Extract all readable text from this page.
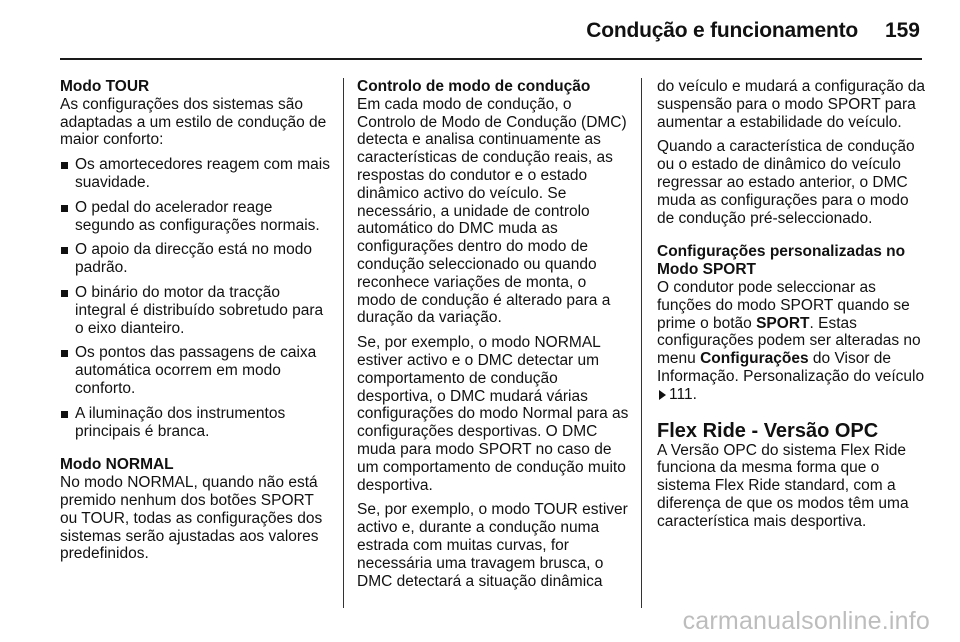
Condução e funcionamento 159
Modo TOUR
As configurações dos sistemas são adaptadas a um estilo de condução de maior conforto:
Os amortecedores reagem com mais suavidade.
O pedal do acelerador reage segundo as configurações normais.
O apoio da direcção está no modo padrão.
O binário do motor da tracção integral é distribuído sobretudo para o eixo dianteiro.
Os pontos das passagens de caixa automática ocorrem em modo conforto.
A iluminação dos instrumentos principais é branca.
Modo NORMAL
No modo NORMAL, quando não está premido nenhum dos botões SPORT ou TOUR, todas as configurações dos sistemas serão ajustadas aos valores predefinidos.
Controlo de modo de condução
Em cada modo de condução, o Controlo de Modo de Condução (DMC) detecta e analisa continuamente as características de condução reais, as respostas do condutor e o estado dinâmico activo do veículo. Se necessário, a unidade de controlo automático do DMC muda as configurações dentro do modo de condução seleccionado ou quando reconhece variações de monta, o modo de condução é alterado para a duração da variação.
Se, por exemplo, o modo NORMAL estiver activo e o DMC detectar um comportamento de condução desportiva, o DMC mudará várias configurações do modo Normal para as configurações desportivas. O DMC muda para modo SPORT no caso de um comportamento de condução muito desportiva.
Se, por exemplo, o modo TOUR estiver activo e, durante a condução numa estrada com muitas curvas, for necessária uma travagem brusca, o DMC detectará a situação dinâmica
do veículo e mudará a configuração da suspensão para o modo SPORT para aumentar a estabilidade do veículo.
Quando a característica de condução ou o estado de dinâmico do veículo regressar ao estado anterior, o DMC muda as configurações para o modo de condução pré-seleccionado.
Configurações personalizadas no Modo SPORT
O condutor pode seleccionar as funções do modo SPORT quando se prime o botão SPORT. Estas configurações podem ser alteradas no menu Configurações do Visor de Informação. Personalização do veículo 111.
Flex Ride - Versão OPC
A Versão OPC do sistema Flex Ride funciona da mesma forma que o sistema Flex Ride standard, com a diferença de que os modos têm uma característica mais desportiva.
carmanualsonline.info
